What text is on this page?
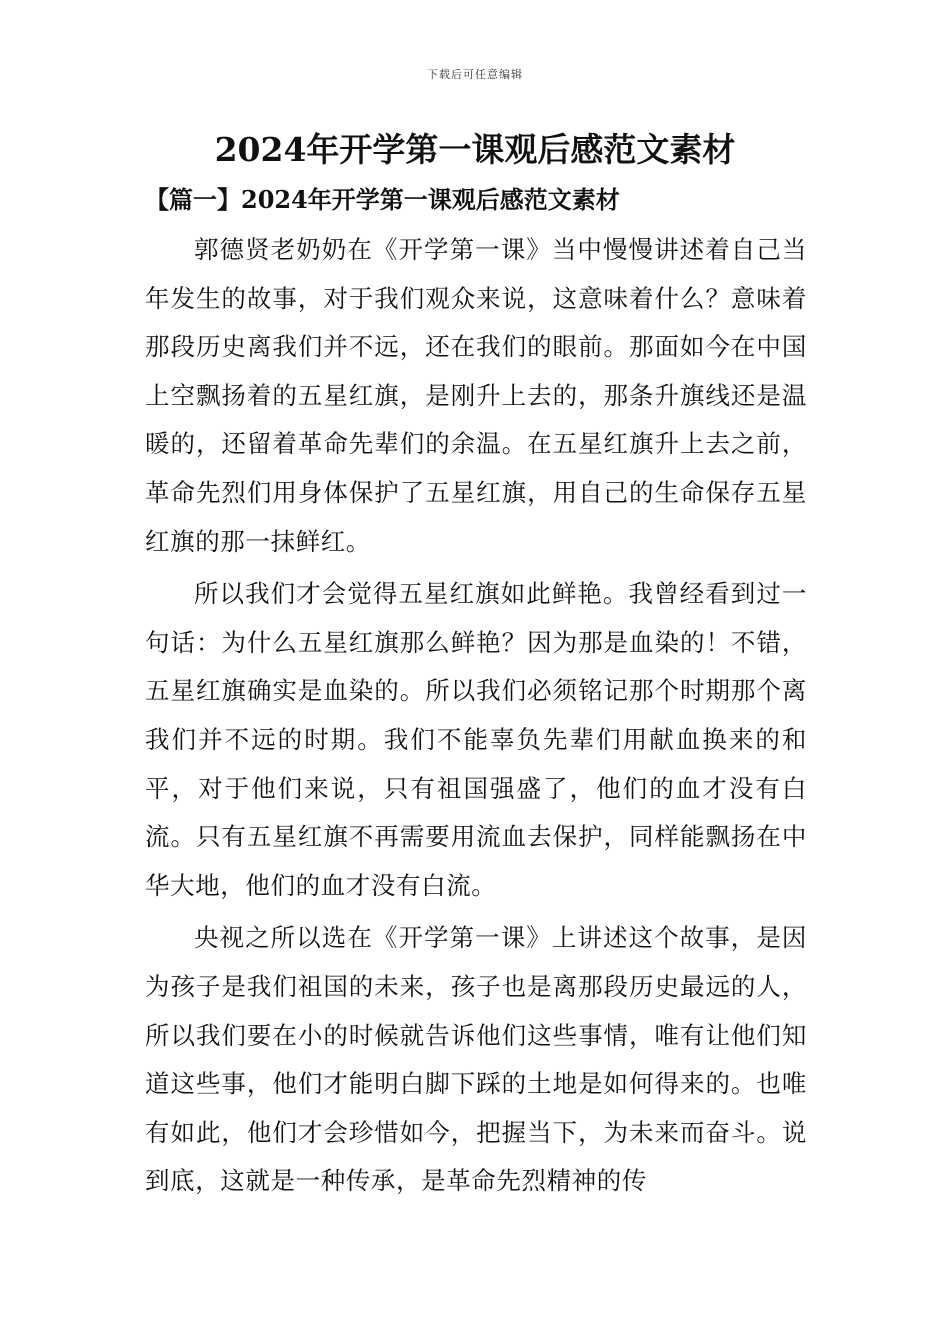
下载后可任意编辑
2024年开学第一课观后感范文素材
【篇一】2024年开学第一课观后感范文素材

郭德贤老奶奶在《开学第一课》当中慢慢讲述着自己当年发生的故事，对于我们观众来说，这意味着什么？意味着那段历史离我们并不远，还在我们的眼前。那面如今在中国上空飘扬着的五星红旗，是刚升上去的，那条升旗线还是温暖的，还留着革命先辈们的余温。在五星红旗升上去之前，革命先烈们用身体保护了五星红旗，用自己的生命保存五星红旗的那一抹鲜红。

所以我们才会觉得五星红旗如此鲜艳。我曾经看到过一句话：为什么五星红旗那么鲜艳？因为那是血染的！不错，五星红旗确实是血染的。所以我们必须铭记那个时期那个离我们并不远的时期。我们不能辜负先辈们用献血换来的和平，对于他们来说，只有祖国强盛了，他们的血才没有白流。只有五星红旗不再需要用流血去保护，同样能飘扬在中华大地，他们的血才没有白流。

央视之所以选在《开学第一课》上讲述这个故事，是因为孩子是我们祖国的未来，孩子也是离那段历史最远的人，所以我们要在小的时候就告诉他们这些事情，唯有让他们知道这些事，他们才能明白脚下踩的土地是如何得来的。也唯有如此，他们才会珍惜如今，把握当下，为未来而奋斗。说到底，这就是一种传承，是革命先烈精神的传
